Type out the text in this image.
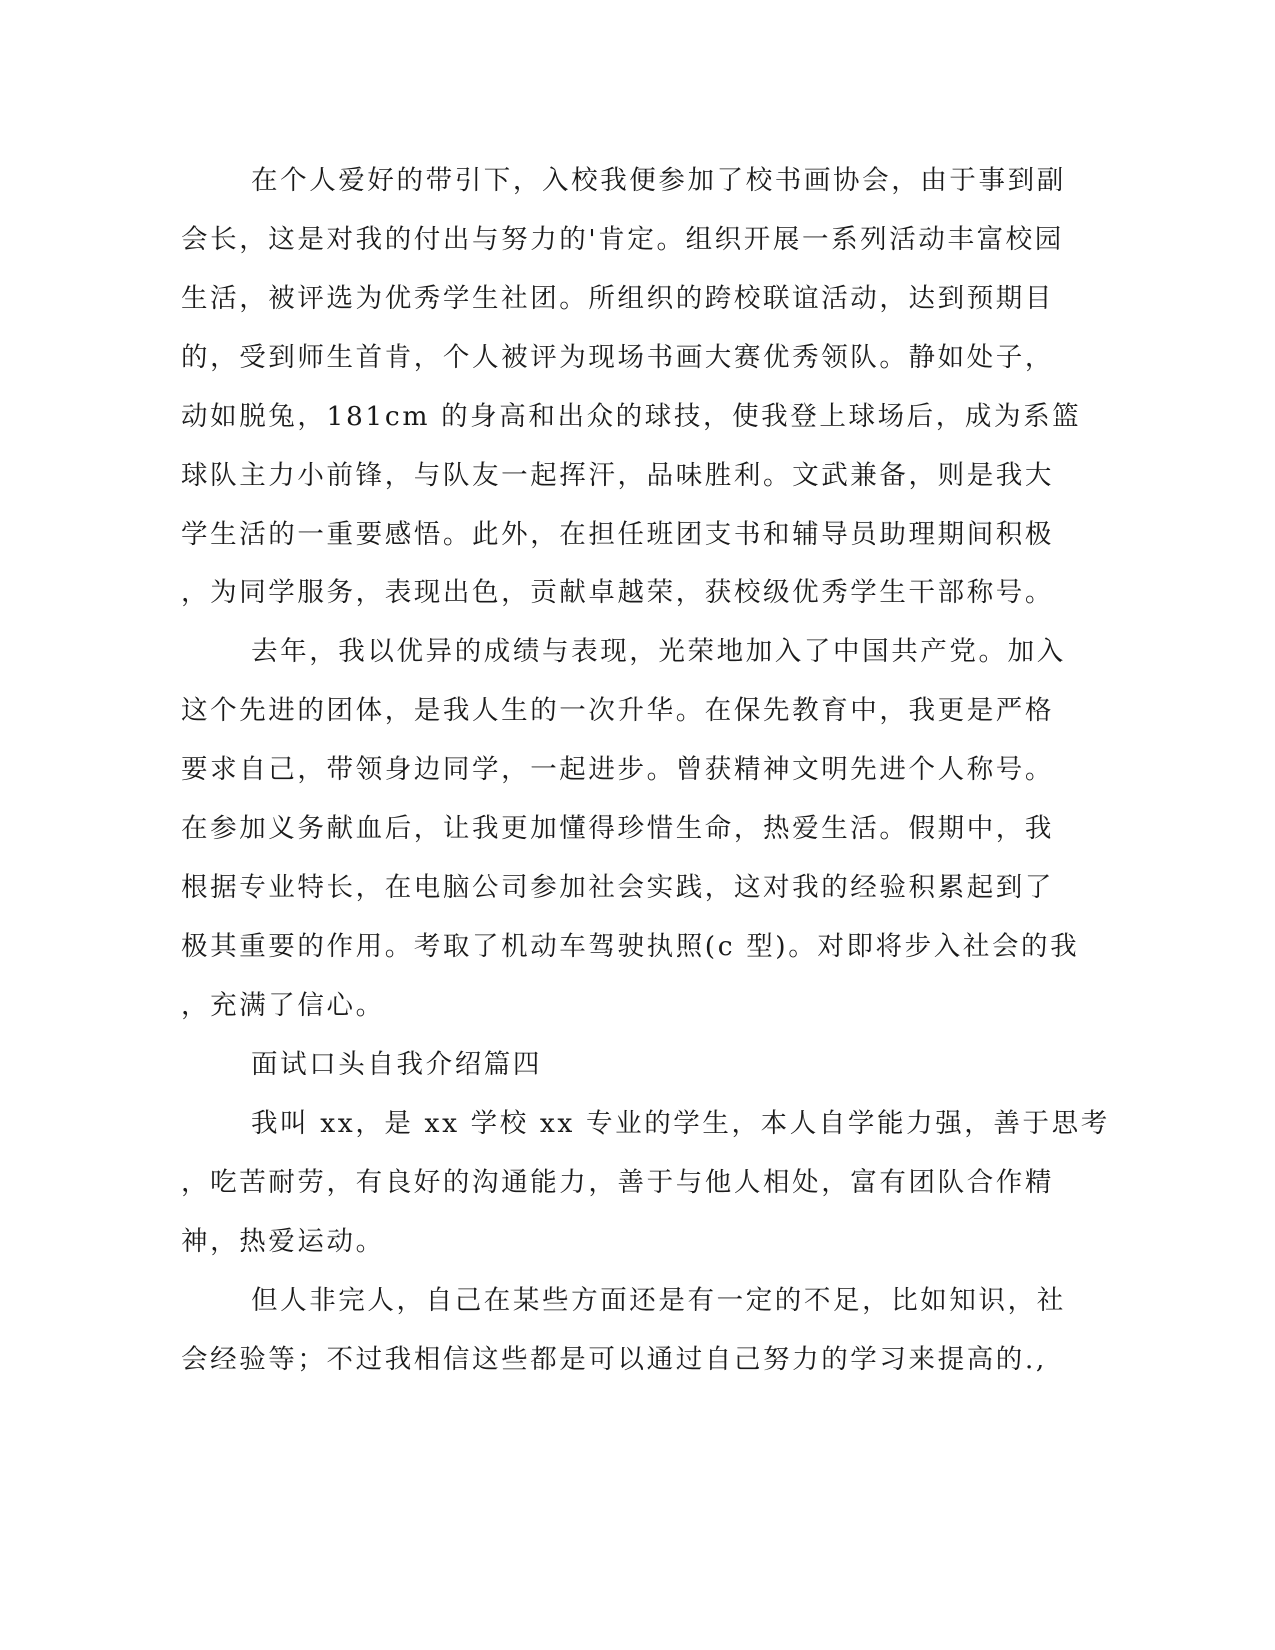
在个人爱好的带引下，入校我便参加了校书画协会，由于事到副
会长，这是对我的付出与努力的'肯定。组织开展一系列活动丰富校园
生活，被评选为优秀学生社团。所组织的跨校联谊活动，达到预期目
的，受到师生首肯，个人被评为现场书画大赛优秀领队。静如处子，
动如脱兔，181cm 的身高和出众的球技，使我登上球场后，成为系篮
球队主力小前锋，与队友一起挥汗，品味胜利。文武兼备，则是我大
学生活的一重要感悟。此外，在担任班团支书和辅导员助理期间积极
，为同学服务，表现出色，贡献卓越荣，获校级优秀学生干部称号。
去年，我以优异的成绩与表现，光荣地加入了中国共产党。加入
这个先进的团体，是我人生的一次升华。在保先教育中，我更是严格
要求自己，带领身边同学，一起进步。曾获精神文明先进个人称号。
在参加义务献血后，让我更加懂得珍惜生命，热爱生活。假期中，我
根据专业特长，在电脑公司参加社会实践，这对我的经验积累起到了
极其重要的作用。考取了机动车驾驶执照(c 型)。对即将步入社会的我
，充满了信心。
面试口头自我介绍篇四
我叫 xx，是 xx 学校 xx 专业的学生，本人自学能力强，善于思考
，吃苦耐劳，有良好的沟通能力，善于与他人相处，富有团队合作精
神，热爱运动。
但人非完人，自己在某些方面还是有一定的不足，比如知识，社
会经验等；不过我相信这些都是可以通过自己努力的学习来提高的.,
